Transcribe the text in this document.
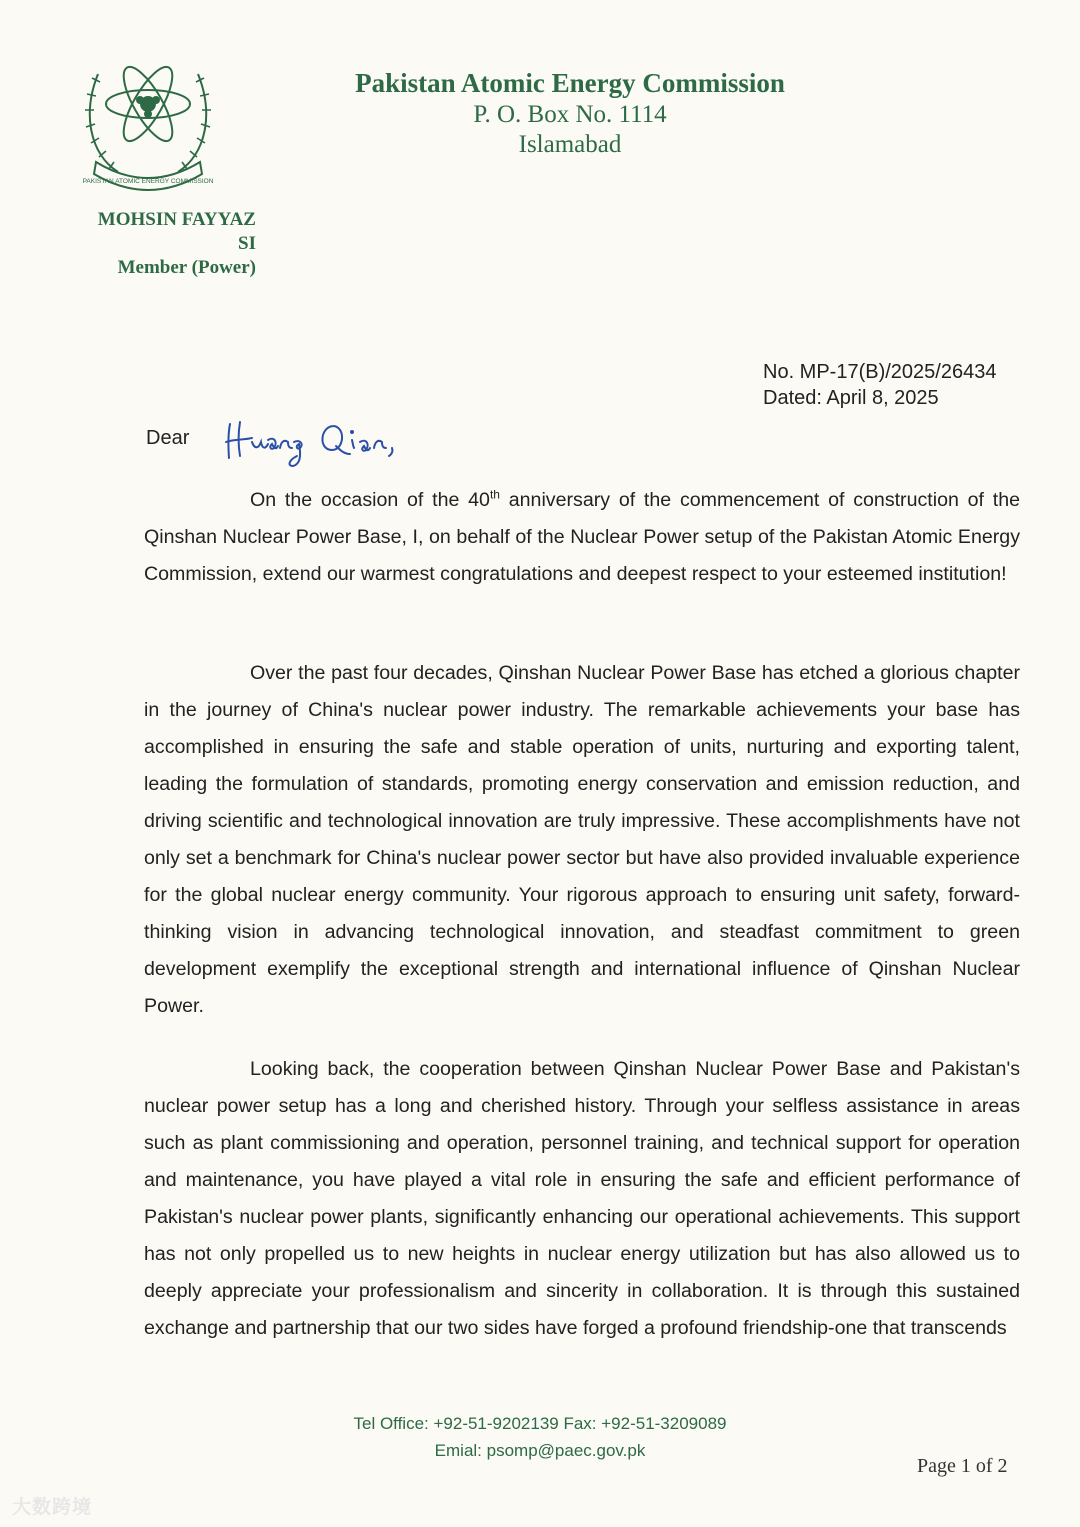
PAKISTAN ATOMIC ENERGY COMMISSION
Pakistan Atomic Energy Commission
P. O. Box No. 1114
Islamabad
MOHSIN FAYYAZ
SI
Member (Power)
No. MP-17(B)/2025/26434
Dated: April 8, 2025
Dear

On the occasion of the 40th anniversary of the commencement of construction of the Qinshan Nuclear Power Base, I, on behalf of the Nuclear Power setup of the Pakistan Atomic Energy Commission, extend our warmest congratulations and deepest respect to your esteemed institution!

Over the past four decades, Qinshan Nuclear Power Base has etched a glorious chapter in the journey of China's nuclear power industry. The remarkable achievements your base has accomplished in ensuring the safe and stable operation of units, nurturing and exporting talent, leading the formulation of standards, promoting energy conservation and emission reduction, and driving scientific and technological innovation are truly impressive. These accomplishments have not only set a benchmark for China's nuclear power sector but have also provided invaluable experience for the global nuclear energy community. Your rigorous approach to ensuring unit safety, forward-thinking vision in advancing technological innovation, and steadfast commitment to green development exemplify the exceptional strength and international influence of Qinshan Nuclear Power.

Looking back, the cooperation between Qinshan Nuclear Power Base and Pakistan's nuclear power setup has a long and cherished history. Through your selfless assistance in areas such as plant commissioning and operation, personnel training, and technical support for operation and maintenance, you have played a vital role in ensuring the safe and efficient performance of Pakistan's nuclear power plants, significantly enhancing our operational achievements. This support has not only propelled us to new heights in nuclear energy utilization but has also allowed us to deeply appreciate your professionalism and sincerity in collaboration. It is through this sustained exchange and partnership that our two sides have forged a profound friendship-one that transcends

Tel Office: +92-51-9202139 Fax: +92-51-3209089
Emial: psomp@paec.gov.pk
Page 1 of 2
大数跨境
